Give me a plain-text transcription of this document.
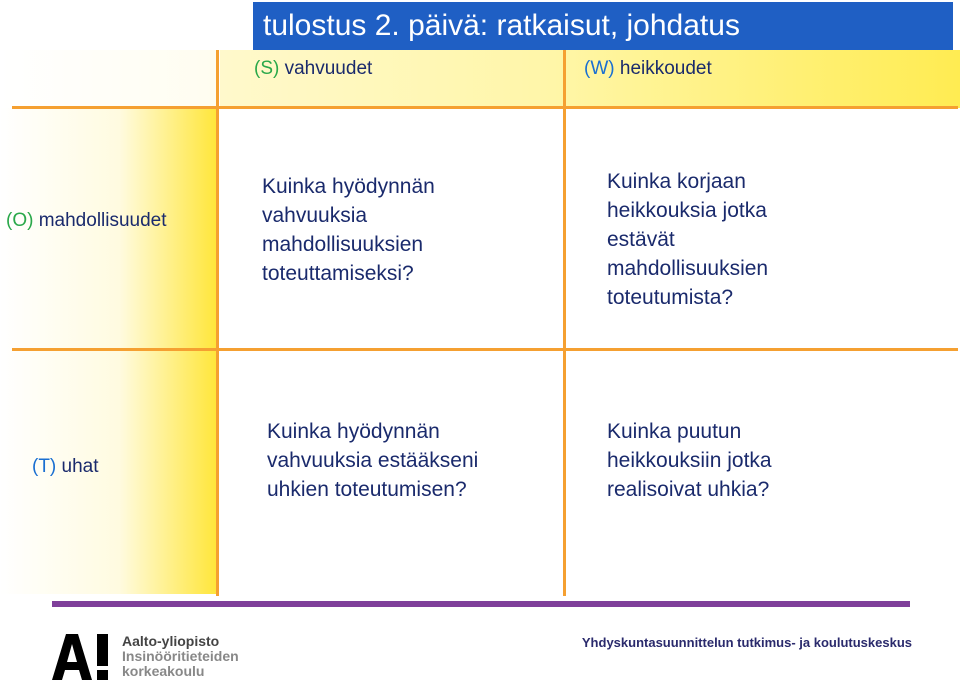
tulostus 2. päivä: ratkaisut, johdatus
(S) vahvuudet	(W) heikkoudet
(O) mahdollisuudet
(T) uhat
Kuinka hyödynnän
vahvuuksia
mahdollisuuksien
toteuttamiseksi?
Kuinka korjaan
heikkouksia jotka
estävät
mahdollisuuksien
toteutumista?
Kuinka hyödynnän
vahvuuksia estääkseni
uhkien toteutumisen?
Kuinka puutun
heikkouksiin jotka
realisoivat uhkia?
Aalto-yliopisto
Insinööritieteiden
korkeakoulu
Yhdyskuntasuunnittelun tutkimus- ja koulutuskeskus
